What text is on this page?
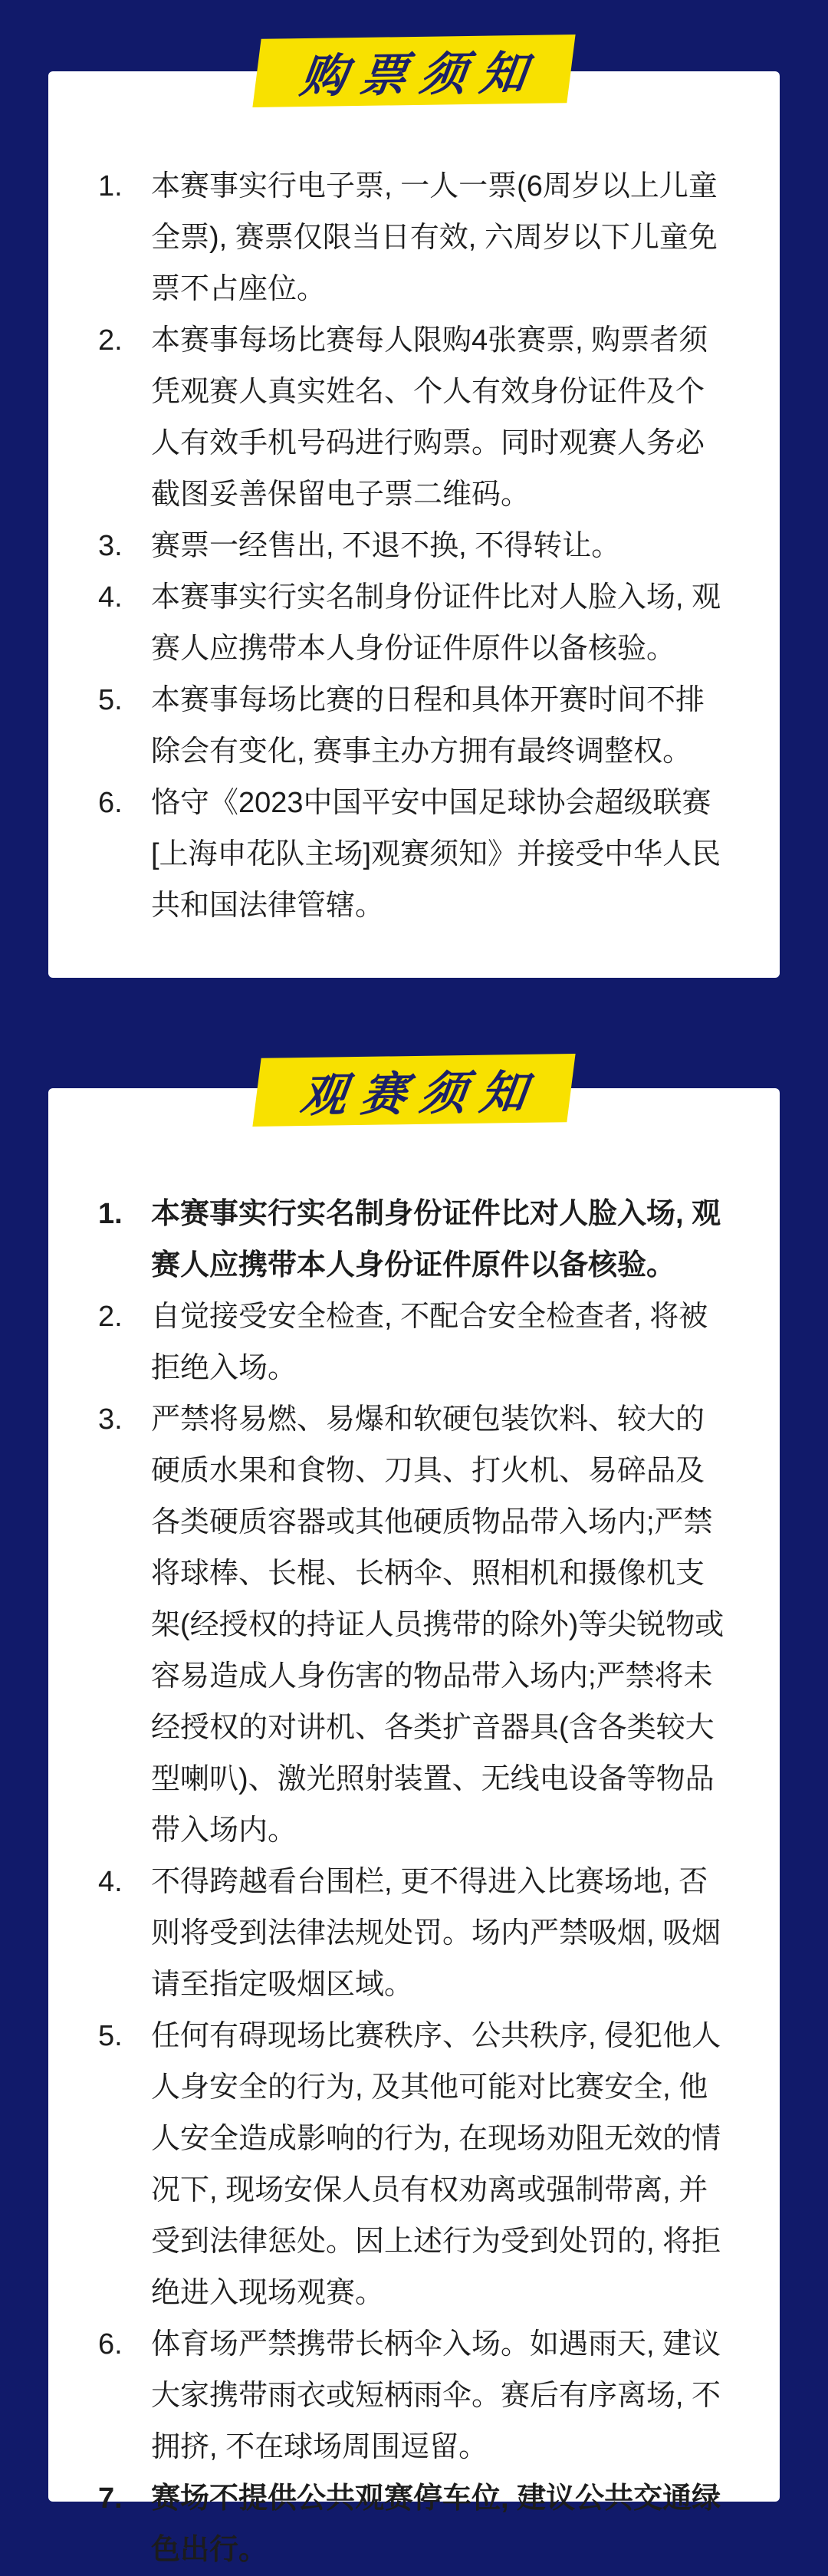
购票须知
1. 本赛事实行电子票, 一人一票(6周岁以上儿童全票), 赛票仅限当日有效, 六周岁以下儿童免票不占座位。
2. 本赛事每场比赛每人限购4张赛票, 购票者须凭观赛人真实姓名、个人有效身份证件及个人有效手机号码进行购票。同时观赛人务必截图妥善保留电子票二维码。
3. 赛票一经售出, 不退不换, 不得转让。
4. 本赛事实行实名制身份证件比对人脸入场, 观赛人应携带本人身份证件原件以备核验。
5. 本赛事每场比赛的日程和具体开赛时间不排除会有变化, 赛事主办方拥有最终调整权。
6. 恪守《2023中国平安中国足球协会超级联赛[上海申花队主场]观赛须知》并接受中华人民共和国法律管辖。
观赛须知
1. 本赛事实行实名制身份证件比对人脸入场, 观赛人应携带本人身份证件原件以备核验。
2. 自觉接受安全检查, 不配合安全检查者, 将被拒绝入场。
3. 严禁将易燃、易爆和软硬包装饮料、较大的硬质水果和食物、刀具、打火机、易碎品及各类硬质容器或其他硬质物品带入场内;严禁将球棒、长棍、长柄伞、照相机和摄像机支架(经授权的持证人员携带的除外)等尖锐物或容易造成人身伤害的物品带入场内;严禁将未经授权的对讲机、各类扩音器具(含各类较大型喇叭)、激光照射装置、无线电设备等物品带入场内。
4. 不得跨越看台围栏, 更不得进入比赛场地, 否则将受到法律法规处罚。场内严禁吸烟, 吸烟请至指定吸烟区域。
5. 任何有碍现场比赛秩序、公共秩序, 侵犯他人人身安全的行为, 及其他可能对比赛安全, 他人安全造成影响的行为, 在现场劝阻无效的情况下, 现场安保人员有权劝离或强制带离, 并受到法律惩处。因上述行为受到处罚的, 将拒绝进入现场观赛。
6. 体育场严禁携带长柄伞入场。如遇雨天, 建议大家携带雨衣或短柄雨伞。赛后有序离场, 不拥挤, 不在球场周围逗留。
7. 赛场不提供公共观赛停车位, 建议公共交通绿色出行。
